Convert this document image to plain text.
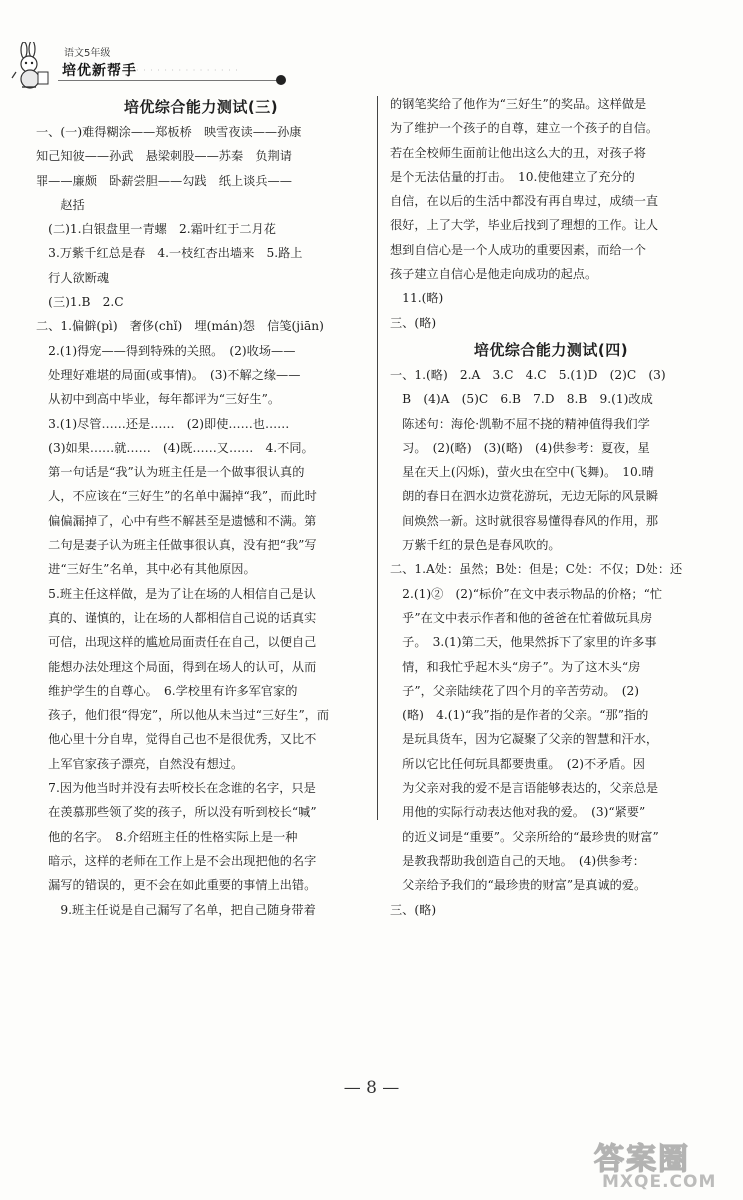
语文5年级
培优新帮手 · · · · · · · · · · · · · · ·
培优综合能力测试(三)

一、(一)难得糊涂——郑板桥　映雪夜读——孙康

知己知彼——孙武　悬梁刺股——苏秦　负荆请

罪——廉颇　卧薪尝胆——勾践　纸上谈兵——

　　赵括

　(二)1.白银盘里一青螺　2.霜叶红于二月花

　3.万紫千红总是春　4.一枝红杏出墙来　5.路上

　行人欲断魂

　(三)1.B　2.C

二、1.偏僻(pì)　奢侈(chǐ)　埋(mán)怨　信笺(jiān)

　2.(1)得宠——得到特殊的关照。　(2)收场——

　处理好难堪的局面(或事情)。　(3)不解之缘——

　从初中到高中毕业，每年都评为“三好生”。

　3.(1)尽管……还是……　(2)即使……也……

　(3)如果……就……　(4)既……又……　4.不同。

　第一句话是“我”认为班主任是一个做事很认真的

　人，不应该在“三好生”的名单中漏掉“我”，而此时

　偏偏漏掉了，心中有些不解甚至是遗憾和不满。第

　二句是妻子认为班主任做事很认真，没有把“我”写

　进“三好生”名单，其中必有其他原因。

　5.班主任这样做，是为了让在场的人相信自己是认

　真的、谨慎的，让在场的人都相信自己说的话真实

　可信，出现这样的尴尬局面责任在自己，以便自己

　能想办法处理这个局面，得到在场人的认可，从而

　维护学生的自尊心。　6.学校里有许多军官家的

　孩子，他们很“得宠”，所以他从未当过“三好生”，而

　他心里十分自卑，觉得自己也不是很优秀，又比不

　上军官家孩子漂亮，自然没有想过。

　7.因为他当时并没有去听校长在念谁的名字，只是

　在羡慕那些领了奖的孩子，所以没有听到校长“喊”

　他的名字。　8.介绍班主任的性格实际上是一种

　暗示，这样的老师在工作上是不会出现把他的名字

　漏写的错误的，更不会在如此重要的事情上出错。

　　9.班主任说是自己漏写了名单，把自己随身带着

的钢笔奖给了他作为“三好生”的奖品。这样做是

为了维护一个孩子的自尊，建立一个孩子的自信。

若在全校师生面前让他出这么大的丑，对孩子将

是个无法估量的打击。　10.使他建立了充分的

自信，在以后的生活中都没有再自卑过，成绩一直

很好，上了大学，毕业后找到了理想的工作。让人

想到自信心是一个人成功的重要因素，而给一个

孩子建立自信心是他走向成功的起点。

　11.(略)

三、(略)

培优综合能力测试(四)

一、1.(略)　2.A　3.C　4.C　5.(1)D　(2)C　(3)

　B　(4)A　(5)C　6.B　7.D　8.B　9.(1)改成

　陈述句：海伦·凯勒不屈不挠的精神值得我们学

　习。　(2)(略)　(3)(略)　(4)供参考：夏夜，星

　星在天上(闪烁)，萤火虫在空中(飞舞)。　10.晴

　朗的春日在泗水边赏花游玩，无边无际的风景瞬

　间焕然一新。这时就很容易懂得春风的作用，那

　万紫千红的景色是春风吹的。

二、1.A处：虽然；B处：但是；C处：不仅；D处：还

　2.(1)②　(2)“标价”在文中表示物品的价格；“忙

　乎”在文中表示作者和他的爸爸在忙着做玩具房

　子。　3.(1)第二天，他果然拆下了家里的许多事

　情，和我忙乎起木头“房子”。为了这木头“房

　子”，父亲陆续花了四个月的辛苦劳动。　(2)

　(略)　4.(1)“我”指的是作者的父亲。“那”指的

　是玩具货车，因为它凝聚了父亲的智慧和汗水，

　所以它比任何玩具都要贵重。　(2)不矛盾。因

　为父亲对我的爱不是言语能够表达的，父亲总是

　用他的实际行动表达他对我的爱。　(3)“紧要”

　的近义词是“重要”。父亲所给的“最珍贵的财富”

　是教我帮助我创造自己的天地。　(4)供参考：

　父亲给予我们的“最珍贵的财富”是真诚的爱。

三、(略)

— 8 —
答案圈
MXQE.COM
